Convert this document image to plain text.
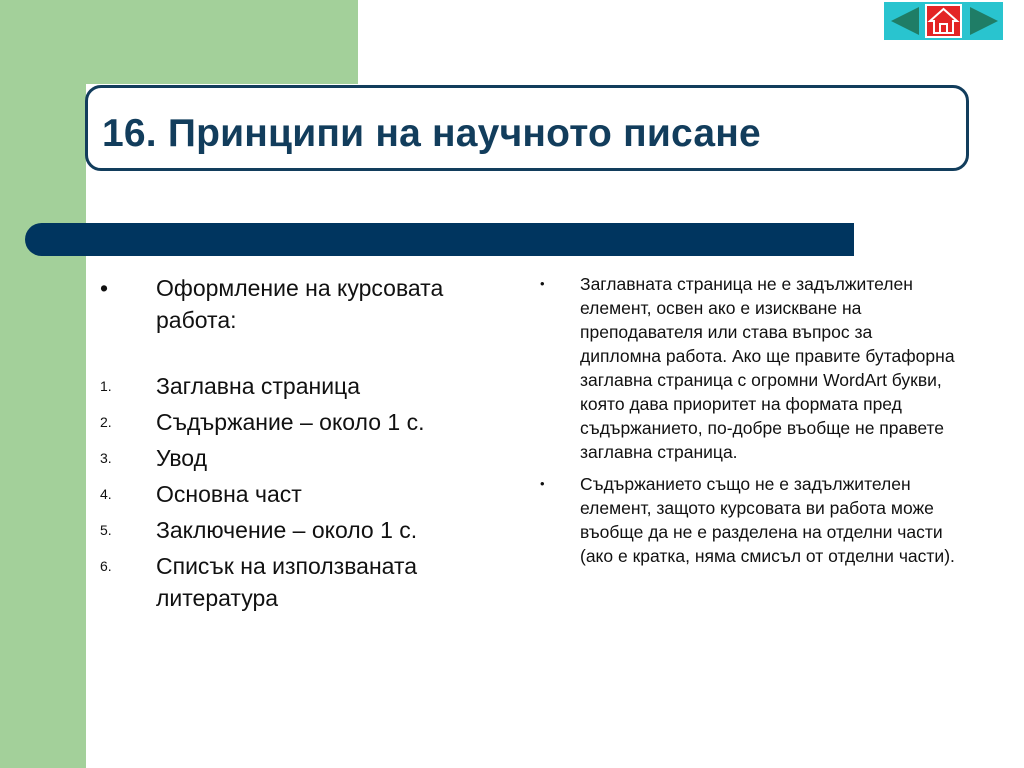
16. Принципи на научното писане
•	Оформление на курсовата работа:
1.	Заглавна страница
2.	Съдържание – около 1 с.
3.	Увод
4.	Основна част
5.	Заключение – около 1 с.
6.	Списък на използваната литература
• Заглавната страница не е задължителен елемент, освен ако е изискване на преподавателя или става въпрос за дипломна работа. Ако ще правите бутафорна заглавна страница с огромни WordArt букви, която дава приоритет на формата пред съдържанието, по-добре въобще не правете заглавна страница.
• Съдържанието също не е задължителен елемент, защото курсовата ви работа може въобще да не е разделена на отделни части (ако е кратка, няма смисъл от отделни части).
